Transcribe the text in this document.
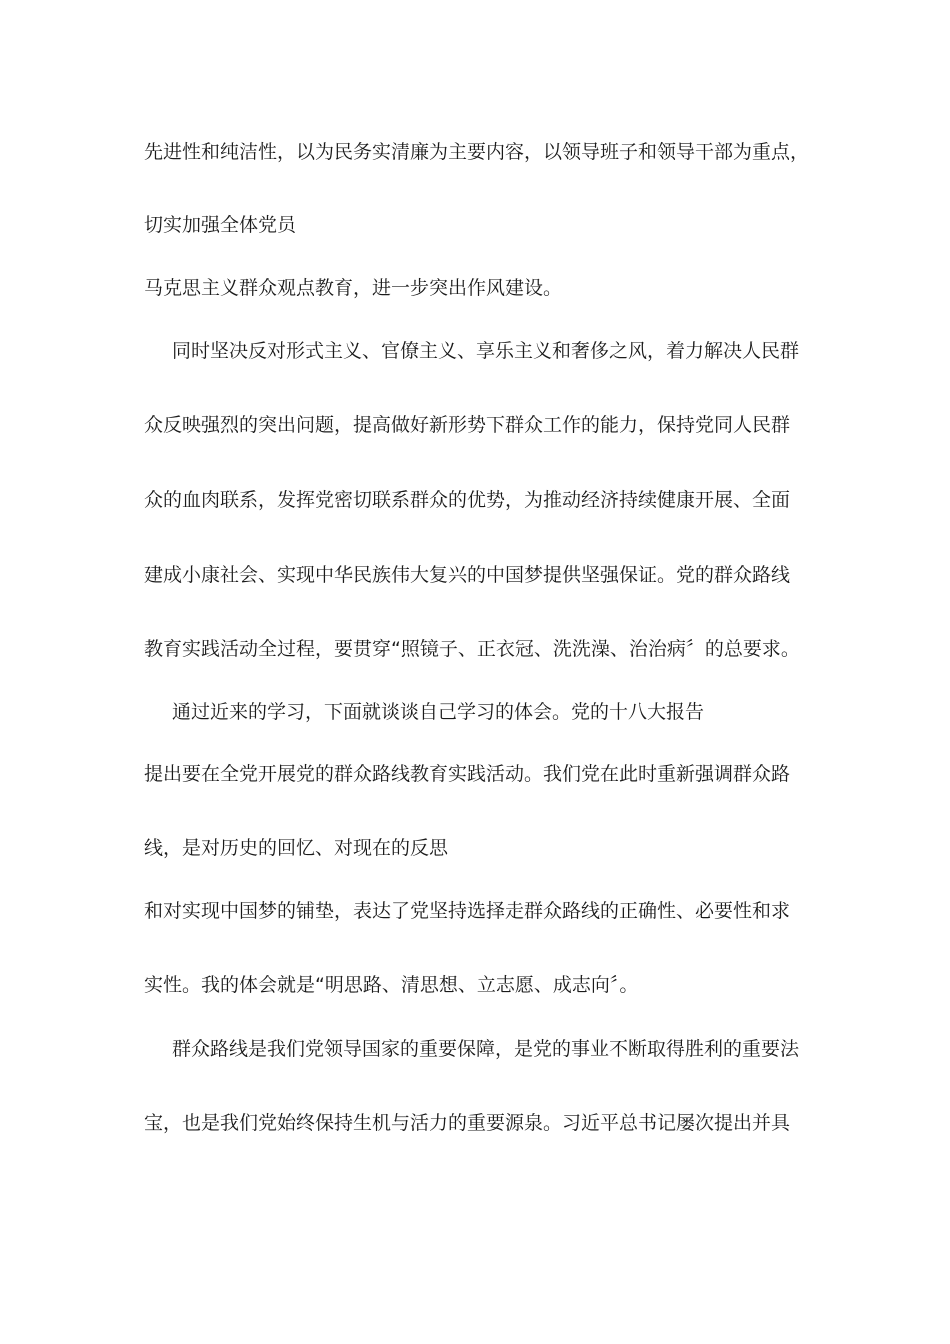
先进性和纯洁性，以为民务实清廉为主要内容，以领导班子和领导干部为重点，
切实加强全体党员
马克思主义群众观点教育，进一步突出作风建设。
同时坚决反对形式主义、官僚主义、享乐主义和奢侈之风，着力解决人民群
众反映强烈的突出问题，提高做好新形势下群众工作的能力，保持党同人民群
众的血肉联系，发挥党密切联系群众的优势，为推动经济持续健康开展、全面
建成小康社会、实现中华民族伟大复兴的中国梦提供坚强保证。党的群众路线
教育实践活动全过程，要贯穿“照镜子、正衣冠、洗洗澡、治治病〞的总要求。
通过近来的学习，下面就谈谈自己学习的体会。党的十八大报告
提出要在全党开展党的群众路线教育实践活动。我们党在此时重新强调群众路
线，是对历史的回忆、对现在的反思
和对实现中国梦的铺垫，表达了党坚持选择走群众路线的正确性、必要性和求
实性。我的体会就是“明思路、清思想、立志愿、成志向〞。
群众路线是我们党领导国家的重要保障，是党的事业不断取得胜利的重要法
宝，也是我们党始终保持生机与活力的重要源泉。习近平总书记屡次提出并具
